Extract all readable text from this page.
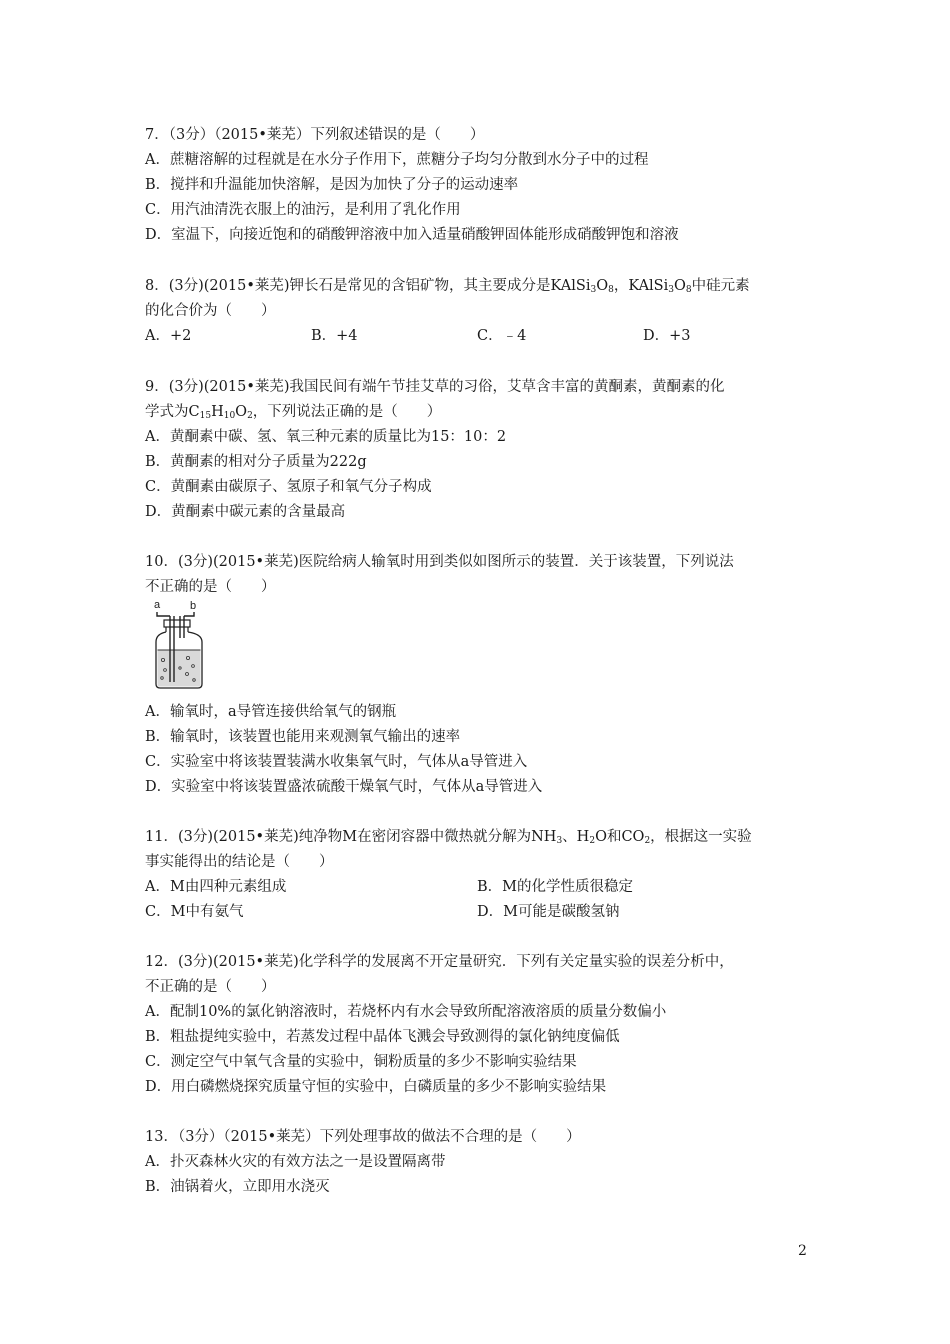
7．（3分）（2015•莱芜）下列叙述错误的是（　　）
A．蔗糖溶解的过程就是在水分子作用下，蔗糖分子均匀分散到水分子中的过程
B．搅拌和升温能加快溶解，是因为加快了分子的运动速率
C．用汽油清洗衣服上的油污，是利用了乳化作用
D．室温下，向接近饱和的硝酸钾溶液中加入适量硝酸钾固体能形成硝酸钾饱和溶液
8．(3分)(2015•莱芜)钾长石是常见的含铝矿物，其主要成分是$KAlSi_3O_8$，$KAlSi_3O_8$中硅元素
的化合价为（　　）
A．+2	B．+4	C．﹣4	D．+3
9．(3分)(2015•莱芜)我国民间有端午节挂艾草的习俗，艾草含丰富的黄酮素，黄酮素的化
学式为$C_{15}H_{10}O_2$，下列说法正确的是（　　）
A．黄酮素中碳、氢、氧三种元素的质量比为15：10：2
B．黄酮素的相对分子质量为222g
C．黄酮素由碳原子、氢原子和氧气分子构成
D．黄酮素中碳元素的含量最高
10．(3分)(2015•莱芜)医院给病人输氧时用到类似如图所示的装置．关于该装置，下列说法
不正确的是（　　）
a	b
A．输氧时，a导管连接供给氧气的钢瓶
B．输氧时，该装置也能用来观测氧气输出的速率
C．实验室中将该装置装满水收集氧气时，气体从a导管进入
D．实验室中将该装置盛浓硫酸干燥氧气时，气体从a导管进入
11．(3分)(2015•莱芜)纯净物M在密闭容器中微热就分解为$NH_3$、$H_2O$和$CO_2$，根据这一实验
事实能得出的结论是（　　）
A．M由四种元素组成	B．M的化学性质很稳定
C．M中有氨气	D．M可能是碳酸氢钠
12．(3分)(2015•莱芜)化学科学的发展离不开定量研究．下列有关定量实验的误差分析中，
不正确的是（　　）
A．配制10%的氯化钠溶液时，若烧杯内有水会导致所配溶液溶质的质量分数偏小
B．粗盐提纯实验中，若蒸发过程中晶体飞溅会导致测得的氯化钠纯度偏低
C．测定空气中氧气含量的实验中，铜粉质量的多少不影响实验结果
D．用白磷燃烧探究质量守恒的实验中，白磷质量的多少不影响实验结果
13．（3分）（2015•莱芜）下列处理事故的做法不合理的是（　　）
A．扑灭森林火灾的有效方法之一是设置隔离带
B．油锅着火，立即用水浇灭
2
